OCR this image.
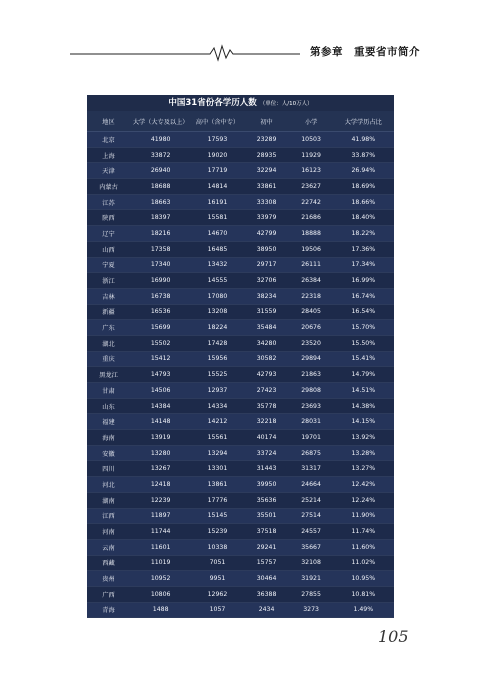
第参章　重要省市简介
中国31省份各学历人数 （单位：人/10万人）
地区	大学（大专及以上）	高中（含中专）	初中	小学	大学学历占比
北京	41980	17593	23289	10503	41.98%
上海	33872	19020	28935	11929	33.87%
天津	26940	17719	32294	16123	26.94%
内蒙古	18688	14814	33861	23627	18.69%
江苏	18663	16191	33308	22742	18.66%
陕西	18397	15581	33979	21686	18.40%
辽宁	18216	14670	42799	18888	18.22%
山西	17358	16485	38950	19506	17.36%
宁夏	17340	13432	29717	26111	17.34%
浙江	16990	14555	32706	26384	16.99%
吉林	16738	17080	38234	22318	16.74%
新疆	16536	13208	31559	28405	16.54%
广东	15699	18224	35484	20676	15.70%
湖北	15502	17428	34280	23520	15.50%
重庆	15412	15956	30582	29894	15.41%
黑龙江	14793	15525	42793	21863	14.79%
甘肃	14506	12937	27423	29808	14.51%
山东	14384	14334	35778	23693	14.38%
福建	14148	14212	32218	28031	14.15%
海南	13919	15561	40174	19701	13.92%
安徽	13280	13294	33724	26875	13.28%
四川	13267	13301	31443	31317	13.27%
河北	12418	13861	39950	24664	12.42%
湖南	12239	17776	35636	25214	12.24%
江西	11897	15145	35501	27514	11.90%
河南	11744	15239	37518	24557	11.74%
云南	11601	10338	29241	35667	11.60%
西藏	11019	7051	15757	32108	11.02%
贵州	10952	9951	30464	31921	10.95%
广西	10806	12962	36388	27855	10.81%
青海	1488	1057	2434	3273	1.49%
105
